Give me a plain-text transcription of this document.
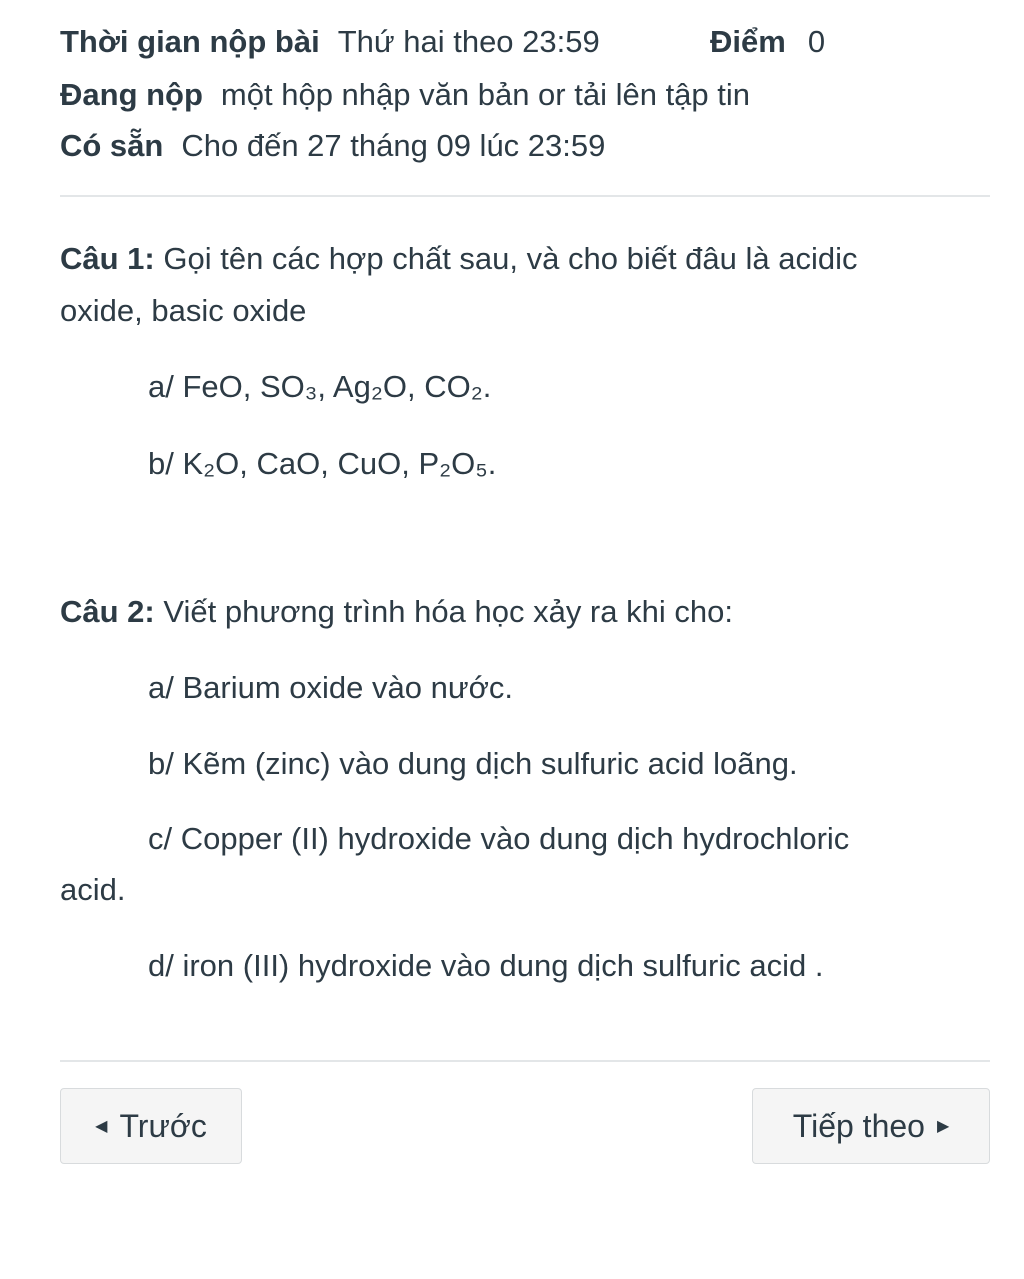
Thời gian nộp bài Thứ hai theo 23:59	Điểm 0
Đang nộp một hộp nhập văn bản or tải lên tập tin
Có sẵn Cho đến 27 tháng 09 lúc 23:59
Câu 1: Gọi tên các hợp chất sau, và cho biết đâu là acidic oxide, basic oxide
a/ FeO, SO₃, Ag₂O, CO₂.
b/ K₂O, CaO, CuO, P₂O₅.
Câu 2: Viết phương trình hóa học xảy ra khi cho:
a/ Barium oxide vào nước.
b/ Kẽm (zinc) vào dung dịch sulfuric acid loãng.
c/ Copper (II) hydroxide vào dung dịch hydrochloric
acid.
d/ iron (III) hydroxide vào dung dịch sulfuric acid .
◀ Trước	Tiếp theo ▶
